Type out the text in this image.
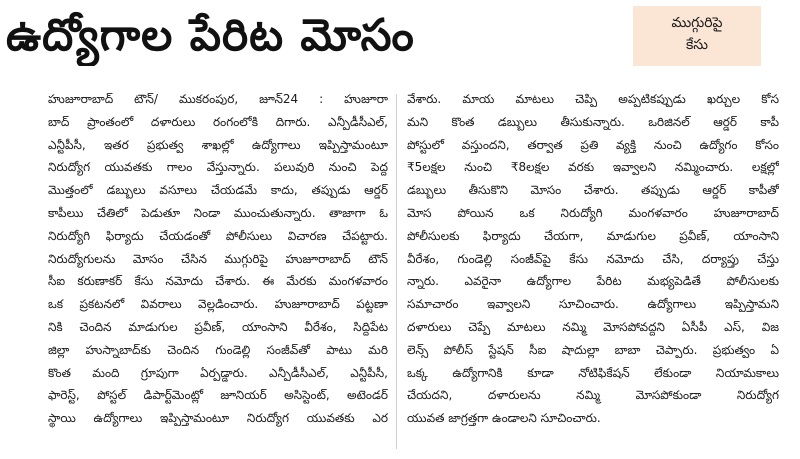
ఉద్యోగాల పేరిట మోసం	ముగ్గురిపై
కేసు
హుజూరాబాద్ టౌన్/ ముకరంపుర, జూన్24 : హుజూరా
బాద్ ప్రాంతంలో దళారులు రంగంలోకి దిగారు. ఎన్పీడీసీఎల్,
ఎన్టీపీసీ, ఇతర ప్రభుత్వ శాఖల్లో ఉద్యోగాలు ఇప్పిస్తామంటూ
నిరుద్యోగ యువతకు గాలం వేస్తున్నారు. పలువురి నుంచి పెద్ద
మొత్తంలో డబ్బులు వసూలు చేయడమే కాదు, తప్పుడు ఆర్డర్
కాపీలుు చేతిలో పెడుతూ నిండా ముంచుతున్నారు. తాజాగా ఓ
నిరుద్యోగి ఫిర్యాదు చేయడంతో పోలీసులు విచారణ చేపట్టారు.
నిరుద్యోగులను మోసం చేసిన ముగ్గురిపై హుజూరాబాద్ టౌన్
సీఐ కరుణాకర్ కేసు నమోదు చేశారు. ఈ మేరకు మంగళవారం
ఒక ప్రకటనలో వివరాలు వెల్లడించారు. హుజూరాబాద్ పట్టణా
నికి చెందిన మాడుగుల ప్రవీణ్, యాంసాని వీరేశం, సిద్దిపేట
జిల్లా హుస్నాబాద్‌కు చెందిన గుండెల్లి సంజీవ్‌తో పాటు మరి
కొంత మంది గ్రూపుగా ఏర్పడ్డారు. ఎన్పీడీసీఎల్, ఎన్టీపీసీ,
ఫారెస్ట్, పోస్టల్ డిపార్ట్‌మెంట్లో జూనియర్ అసిస్టెంట్, అటెండర్
స్థాయి ఉద్యోగాలు ఇప్పిస్తామంటూ నిరుద్యోగ యువతకు ఎర
వేశారు. మాయ మాటలు చెప్పి అప్పటికప్పుడు ఖర్చుల కోస
మని కొంత డబ్బులు తీసుకున్నారు. ఒరిజినల్ ఆర్డర్ కాపీ
పోస్టులో వస్తుందని, తర్వాత ప్రతి వ్యక్తి నుంచి ఉద్యోగం కోసం
₹5లక్షల నుంచి ₹8లక్షల వరకు ఇవ్వాలని నమ్మించారు. లక్షల్లో
డబ్బులు తీసుకొని మోసం చేశారు. తప్పుడు ఆర్డర్ కాపీతో
మోస పోయిన ఒక నిరుద్యోగి మంగళవారం హుజూరాబాద్
పోలీసులకు ఫిర్యాదు చేయగా, మాడుగుల ప్రవీణ్, యాంసాని
వీరేశం, గుండెల్లి సంజీవ్‌పై కేసు నమోదు చేసి, దర్యాప్తు చేస్తు
న్నారు. ఎవరైనా ఉద్యోగాల పేరిట మభ్యపెడితే పోలీసులకు
సమాచారం ఇవ్వాలని సూచించారు. ఉద్యోగాలు ఇప్పిస్తామని
దళారులు చెప్పే మాటలు నమ్మి మోసపోవద్దని ఏసీపీ ఎస్, విజ
లెన్స్ పోలీస్ స్టేషన్ సీఐ షాదుల్లా బాబా చెప్పారు. ప్రభుత్వం ఏ
ఒక్క ఉద్యోగానికి కూడా నోటిఫికేషన్ లేకుండా నియామకాలు
చేయదని, దళారులను నమ్మి మోసపోకుండా నిరుద్యోగ
యువత జాగ్రత్తగా ఉండాలని సూచించారు.
